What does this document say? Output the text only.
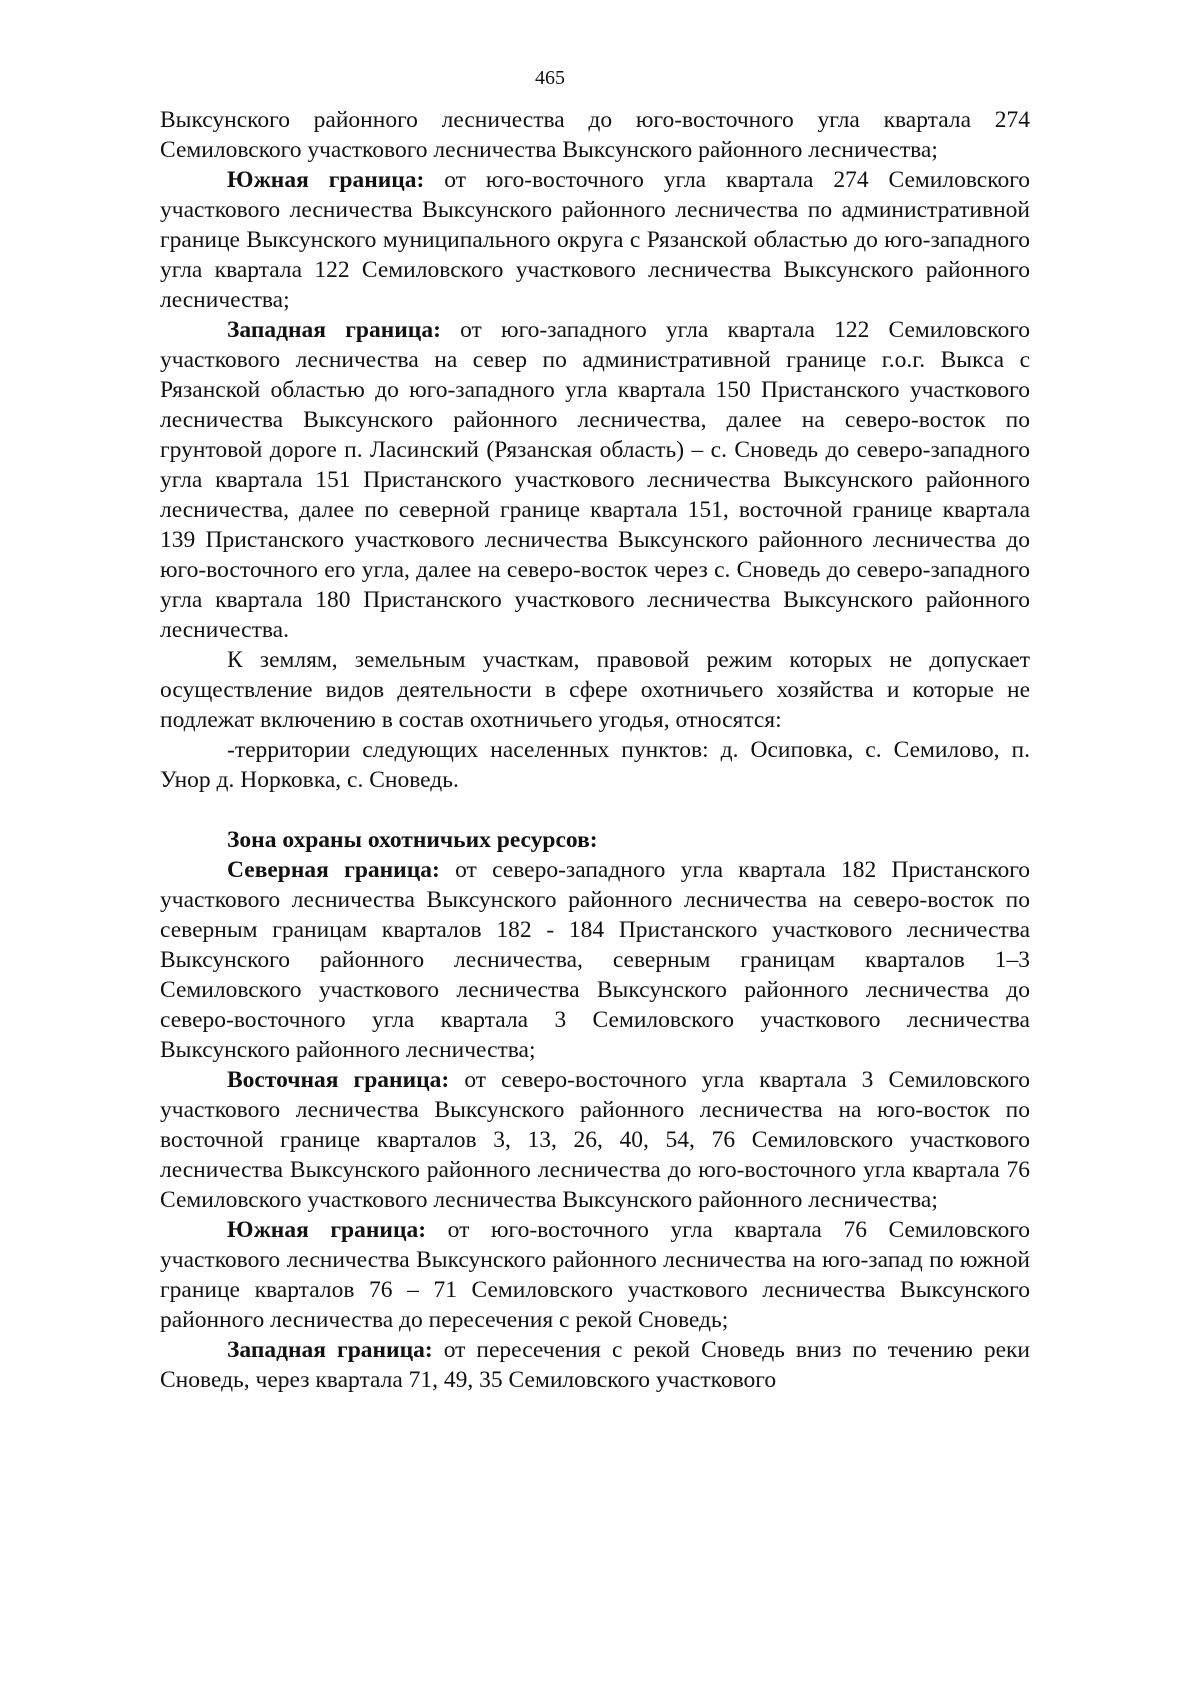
465

Выксунского районного лесничества до юго-восточного угла квартала 274 Семиловского участкового лесничества Выксунского районного лесничества;

Южная граница: от юго-восточного угла квартала 274 Семиловского участкового лесничества Выксунского районного лесничества по административной границе Выксунского муниципального округа с Рязанской областью до юго-западного угла квартала 122 Семиловского участкового лесничества Выксунского районного лесничества;

Западная граница: от юго-западного угла квартала 122 Семиловского участкового лесничества на север по административной границе г.о.г. Выкса с Рязанской областью до юго-западного угла квартала 150 Пристанского участкового лесничества Выксунского районного лесничества, далее на северо-восток по грунтовой дороге п. Ласинский (Рязанская область) – с. Сноведь до северо-западного угла квартала 151 Пристанского участкового лесничества Выксунского районного лесничества, далее по северной границе квартала 151, восточной границе квартала 139 Пристанского участкового лесничества Выксунского районного лесничества до юго-восточного его угла, далее на северо-восток через с. Сноведь до северо-западного угла квартала 180 Пристанского участкового лесничества Выксунского районного лесничества.

К землям, земельным участкам, правовой режим которых не допускает осуществление видов деятельности в сфере охотничьего хозяйства и которые не подлежат включению в состав охотничьего угодья, относятся:

-территории следующих населенных пунктов: д. Осиповка, с. Семилово, п. Унор д. Норковка, с. Сноведь.

Зона охраны охотничьих ресурсов:

Северная граница: от северо-западного угла квартала 182 Пристанского участкового лесничества Выксунского районного лесничества на северо-восток по северным границам кварталов 182 - 184 Пристанского участкового лесничества Выксунского районного лесничества, северным границам кварталов 1–3 Семиловского участкового лесничества Выксунского районного лесничества до северо-восточного угла квартала 3 Семиловского участкового лесничества Выксунского районного лесничества;

Восточная граница: от северо-восточного угла квартала 3 Семиловского участкового лесничества Выксунского районного лесничества на юго-восток по восточной границе кварталов 3, 13, 26, 40, 54, 76 Семиловского участкового лесничества Выксунского районного лесничества до юго-восточного угла квартала 76 Семиловского участкового лесничества Выксунского районного лесничества;

Южная граница: от юго-восточного угла квартала 76 Семиловского участкового лесничества Выксунского районного лесничества на юго-запад по южной границе кварталов 76 – 71 Семиловского участкового лесничества Выксунского районного лесничества до пересечения с рекой Сноведь;

Западная граница: от пересечения с рекой Сноведь вниз по течению реки Сноведь, через квартала 71, 49, 35 Семиловского участкового
